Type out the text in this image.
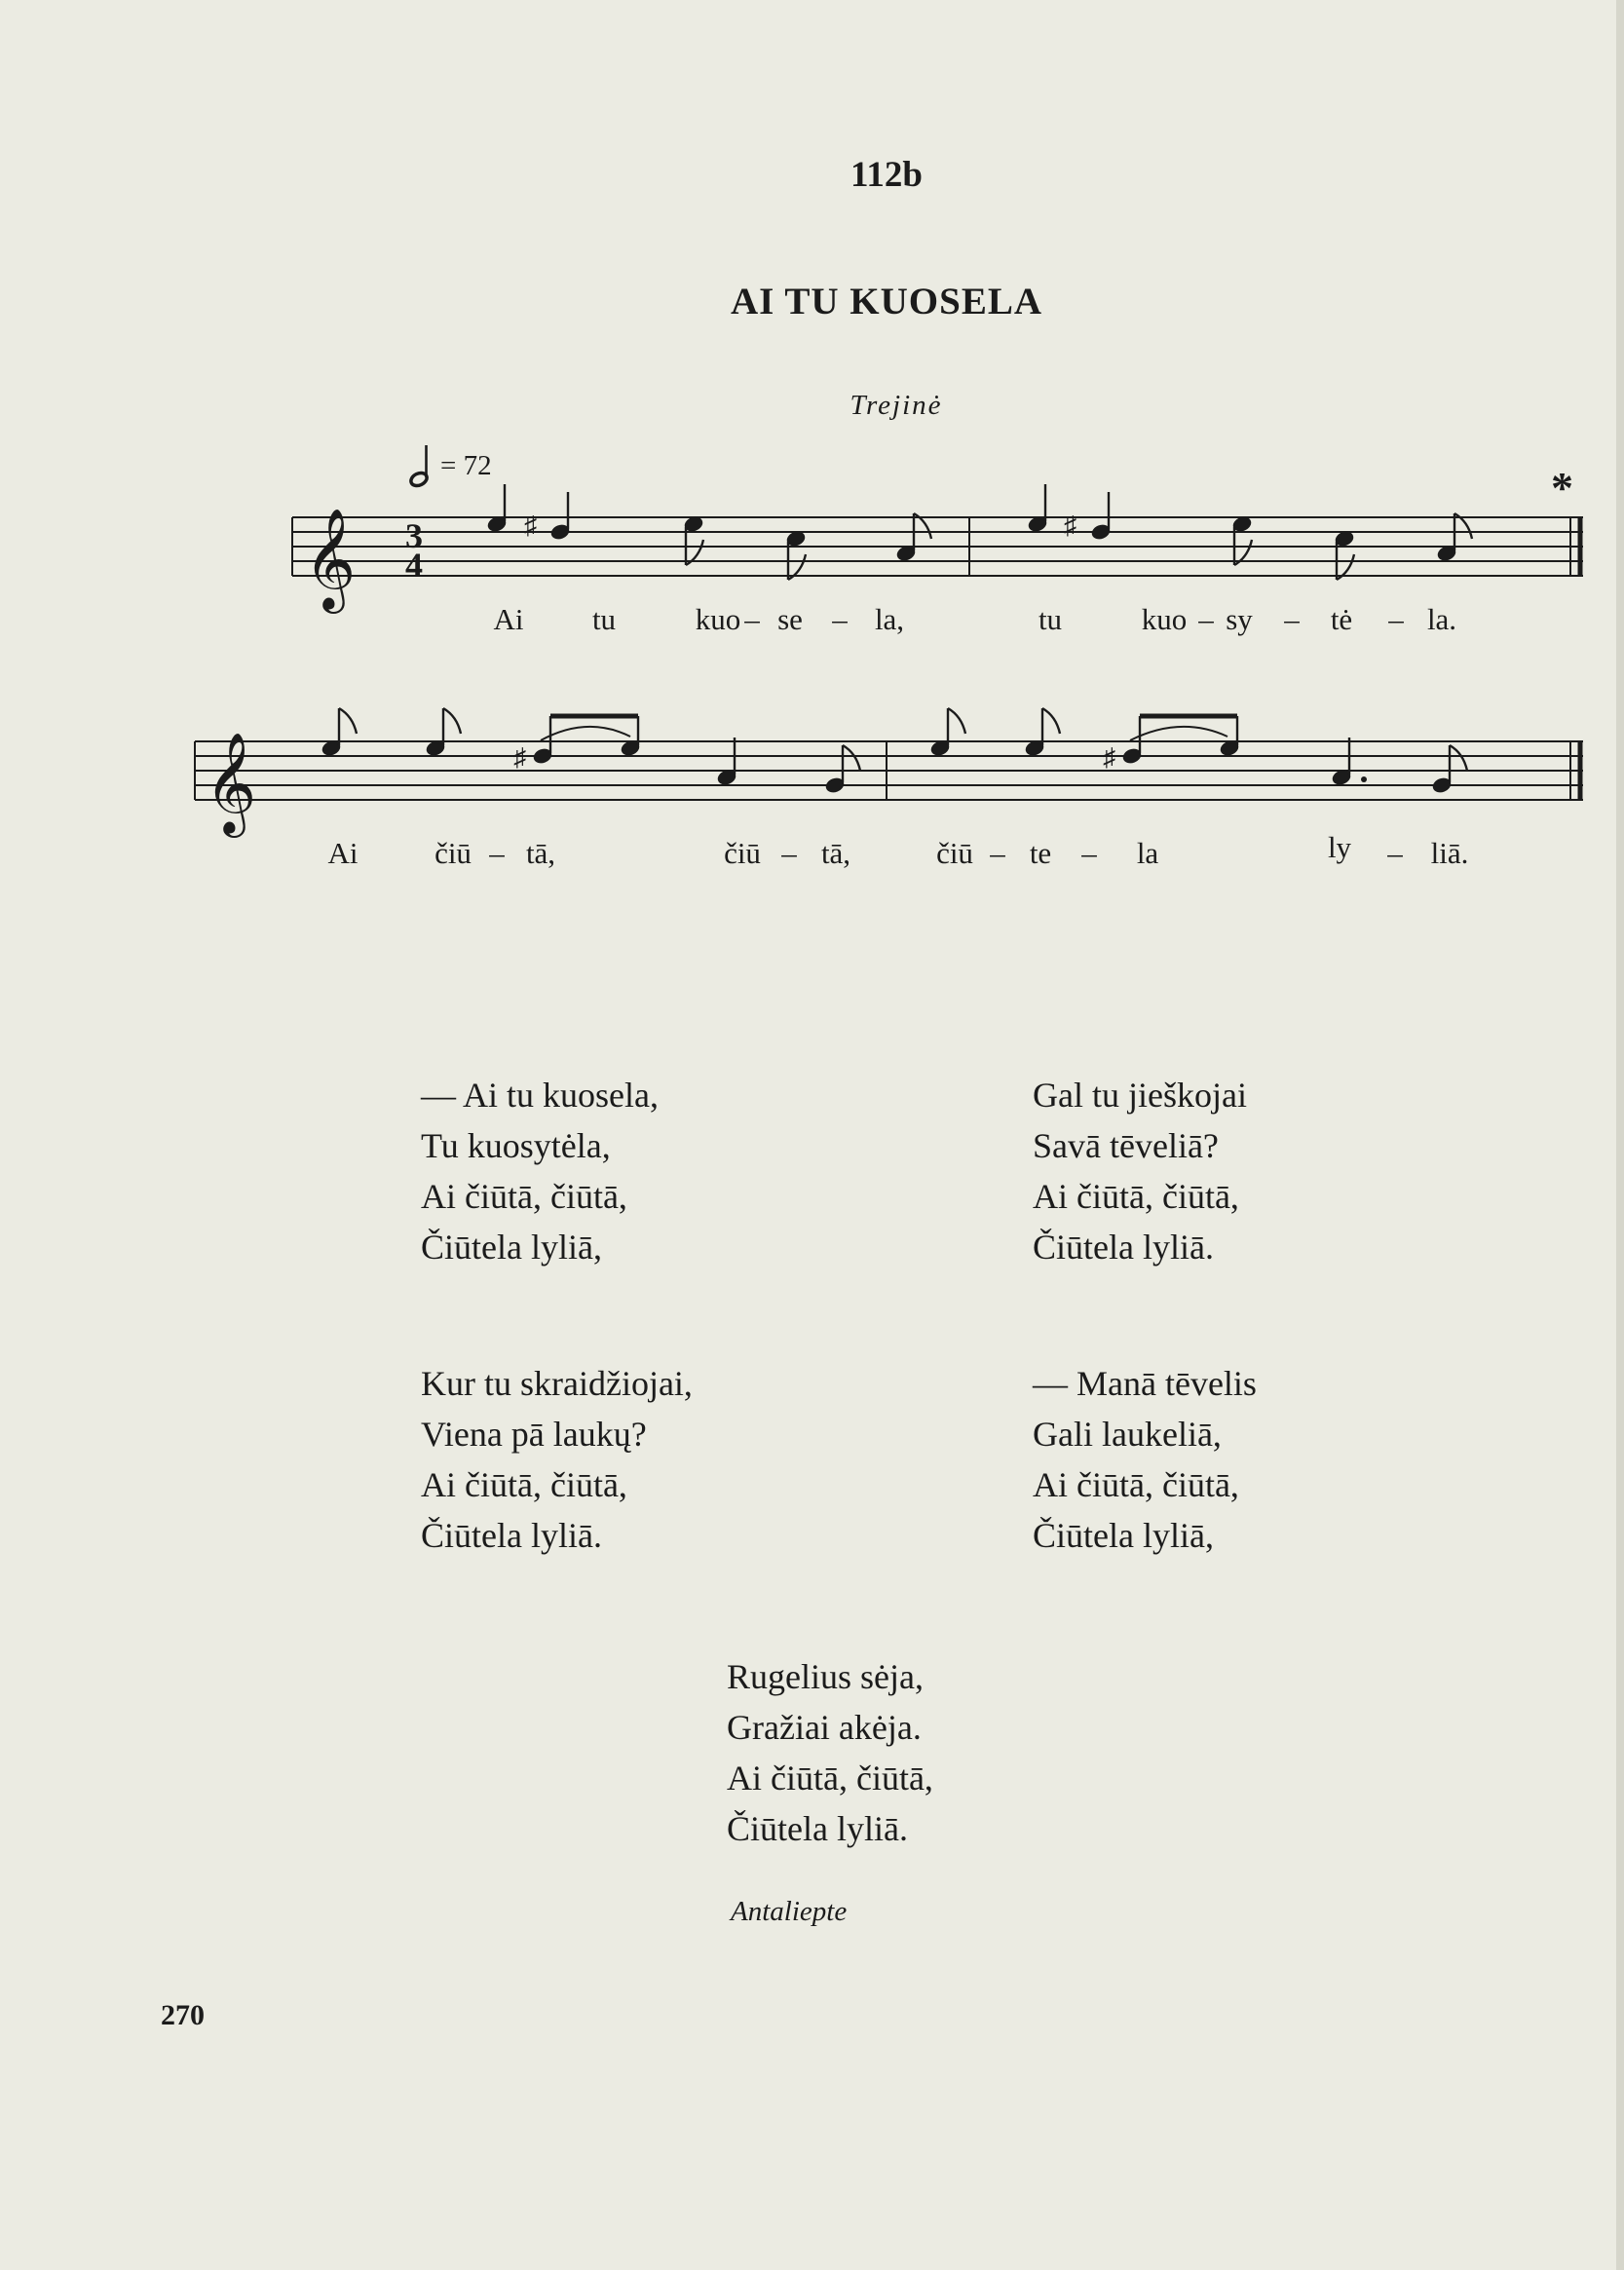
112b
AI TU KUOSELA
Trejinė
= 72
𝄞
𝄞
3
4
*
♯	♯
♯	♯
Ai tu	kuo – se – la,	tu	kuo – sy – tė – la.
Ai	čiū – tā,	čiū – tā,	čiū – te – la	ly – liā.
— Ai tu kuosela,
Tu kuosytėla,
Ai čiūtā, čiūtā,
Čiūtela lyliā,
Gal tu jieškojai
Savā tēveliā?
Ai čiūtā, čiūtā,
Čiūtela lyliā.
Kur tu skraidžiojai,
Viena pā laukų?
Ai čiūtā, čiūtā,
Čiūtela lyliā.
— Manā tēvelis
Gali laukeliā,
Ai čiūtā, čiūtā,
Čiūtela lyliā,
Rugelius sėja,
Gražiai akėja.
Ai čiūtā, čiūtā,
Čiūtela lyliā.
Antaliepte
270
